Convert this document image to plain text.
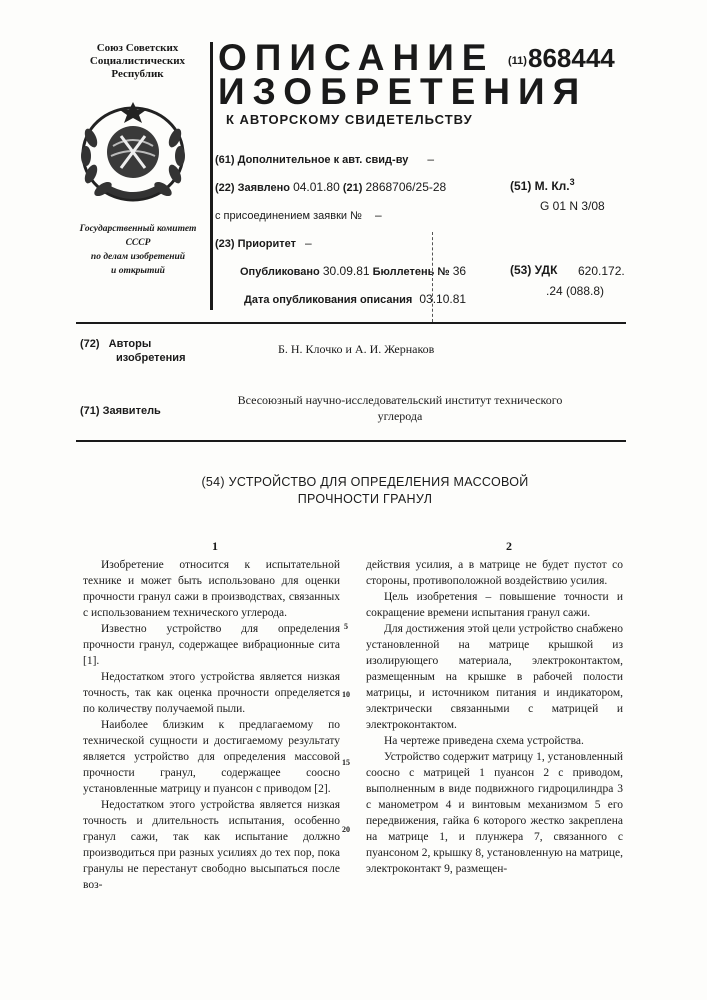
Союз Советских
Социалистических
Республик
Государственный комитет
СССР
по делам изобретений
и открытий
ОПИСАНИЕ
ИЗОБРЕТЕНИЯ
К АВТОРСКОМУ СВИДЕТЕЛЬСТВУ
(11) 868444
(61) Дополнительное к авт. свид-ву –
(22) Заявлено 04.01.80 (21) 2868706/25-28
с присоединением заявки № –
(23) Приоритет –
Опубликовано 30.09.81 Бюллетень № 36
Дата опубликования описания 03.10.81
(51) М. Кл.$^3$
G 01 N 3/08
(53) УДК 620.172.
.24 (088.8)
(72) Авторы
изобретения
Б. Н. Клочко и А. И. Жернаков
(71) Заявитель
Всесоюзный научно-исследовательский институт технического
углерода
(54) УСТРОЙСТВО ДЛЯ ОПРЕДЕЛЕНИЯ МАССОВОЙ
ПРОЧНОСТИ ГРАНУЛ
1	2

Изобретение относится к испытательной технике и может быть использовано для оценки прочности гранул сажи в производствах, связанных с использованием технического углерода.

Известно устройство для определения прочности гранул, содержащее вибрационные сита [1].

Недостатком этого устройства является низкая точность, так как оценка прочности определяется по количеству получаемой пыли.

Наиболее близким к предлагаемому по технической сущности и достигаемому результату является устройство для определения массовой прочности гранул, содержащее соосно установленные матрицу и пуансон с приводом [2].

Недостатком этого устройства является низкая точность и длительность испытания, особенно гранул сажи, так как испытание должно производиться при разных усилиях до тех пор, пока гранулы не перестанут свободно высыпаться после воз-

5
10
15
20

действия усилия, а в матрице не будет пустот со стороны, противоположной воздействию усилия.

Цель изобретения – повышение точности и сокращение времени испытания гранул сажи.

Для достижения этой цели устройство снабжено установленной на матрице крышкой из изолирующего материала, электроконтактом, размещенным на крышке в рабочей полости матрицы, и источником питания и индикатором, электрически связанными с матрицей и электроконтактом.

На чертеже приведена схема устройства.

Устройство содержит матрицу 1, установленный соосно с матрицей 1 пуансон 2 с приводом, выполненным в виде подвижного гидроцилиндра 3 с манометром 4 и винтовым механизмом 5 его передвижения, гайка 6 которого жестко закреплена на матрице 1, и плунжера 7, связанного с пуансоном 2, крышку 8, установленную на матрице, электроконтакт 9, размещен-
